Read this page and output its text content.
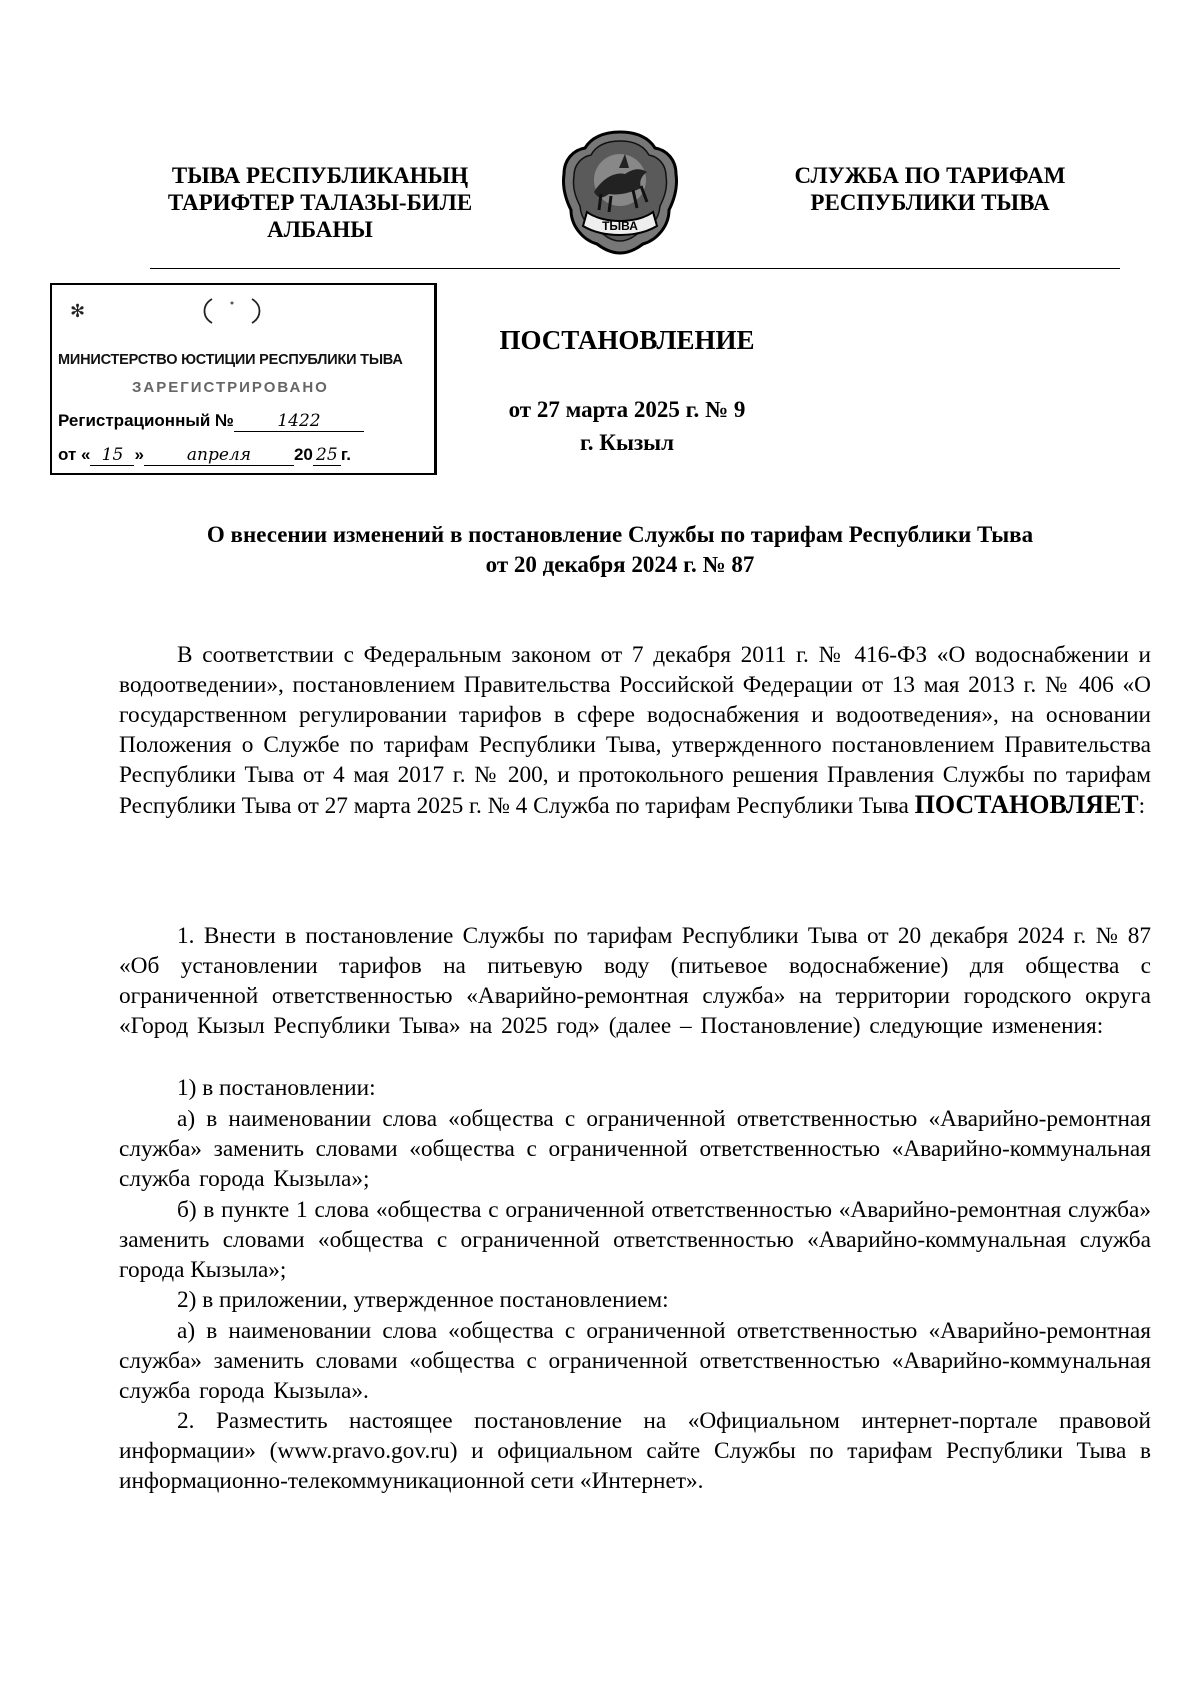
ТЫВА РЕСПУБЛИКАНЫҢ
ТАРИФТЕР ТАЛАЗЫ-БИЛЕ
АЛБАНЫ	ТЫВА
СЛУЖБА ПО ТАРИФАМ
РЕСПУБЛИКИ ТЫВА
✻
МИНИСТЕРСТВО ЮСТИЦИИ РЕСПУБЛИКИ ТЫВА
ЗАРЕГИСТРИРОВАНО
Регистрационный №	1422
от « 15 »	апреля	20 25 г.
ПОСТАНОВЛЕНИЕ
от 27 марта 2025 г. № 9
г. Кызыл
О внесении изменений в постановление Службы по тарифам Республики Тыва
от 20 декабря 2024 г. № 87
В соответствии с Федеральным законом от 7 декабря 2011 г. № 416-ФЗ «О водоснабжении и водоотведении», постановлением Правительства Российской Федерации от 13 мая 2013 г. № 406 «О государственном регулировании тарифов в сфере водоснабжения и водоотведения», на основании Положения о Службе по тарифам Республики Тыва, утвержденного постановлением Правительства Республики Тыва от 4 мая 2017 г. № 200, и протокольного решения Правления Службы по тарифам Республики Тыва от 27 марта 2025 г. № 4 Служба по тарифам Республики Тыва ПОСТАНОВЛЯЕТ:
1. Внести в постановление Службы по тарифам Республики Тыва от 20 декабря 2024 г. № 87 «Об установлении тарифов на питьевую воду (питьевое водоснабжение) для общества с ограниченной ответственностью «Аварийно-ремонтная служба» на территории городского округа «Город Кызыл Республики Тыва» на 2025 год» (далее – Постановление) следующие изменения:
1) в постановлении:
а) в наименовании слова «общества с ограниченной ответственностью «Аварийно-ремонтная служба» заменить словами «общества с ограниченной ответственностью «Аварийно-коммунальная служба города Кызыла»;
б) в пункте 1 слова «общества с ограниченной ответственностью «Аварийно-ремонтная служба» заменить словами «общества с ограниченной ответственностью «Аварийно-коммунальная служба города Кызыла»;
2) в приложении, утвержденное постановлением:
а) в наименовании слова «общества с ограниченной ответственностью «Аварийно-ремонтная служба» заменить словами «общества с ограниченной ответственностью «Аварийно-коммунальная служба города Кызыла».
2. Разместить настоящее постановление на «Официальном интернет-портале правовой информации» (www.pravo.gov.ru) и официальном сайте Службы по тарифам Республики Тыва в информационно-телекоммуникационной сети «Интернет».
